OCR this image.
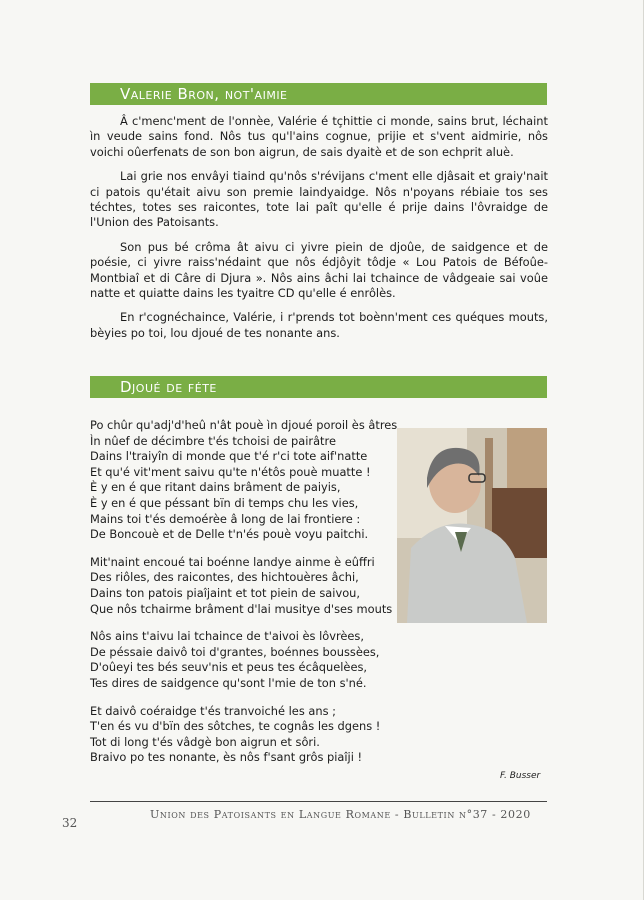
Valerie Bron, not'aimie

Â c'menc'ment de l'onnèe, Valérie é tçhittie ci monde, sains brut, léchaint ìn veude sains fond. Nôs tus qu'l'ains cognue, prijie et s'vent aidmirie, nôs voichi oûerfenats de son bon aigrun, de sais dyaitè et de son echprit aluè.

Lai grie nos envâyi tiaind qu'nôs s'révijans c'ment elle djâsait et graiy'nait ci patois qu'était aivu son premie laindyaidge. Nôs n'poyans rébiaie tos ses téchtes, totes ses raicontes, tote lai paît qu'elle é prije dains l'ôvraidge de l'Union des Patoisants.

Son pus bé crôma ât aivu ci yivre piein de djoûe, de saidgence et de poésie, ci yivre raiss'nédaint que nôs édjôyit tôdje « Lou Patois de Béfoûe-Montbiaî et di Câre di Djura ». Nôs ains âchi lai tchaince de vâdgeaie sai voûe natte et quiatte dains les tyaitre CD qu'elle é enrôlès.

En r'cognéchaince, Valérie, i r'prends tot boènn'ment ces quéques mouts, bèyies po toi, lou djoué de tes nonante ans.

Djoué de féte
Po chûr qu'adj'd'heû n'ât pouè ìn djoué poroil ès âtres
Ìn nûef de décimbre t'és tchoisi de pairâtre
Dains l'traiyîn di monde que t'é r'ci tote aif'natte
Et qu'é vit'ment saivu qu'te n'étôs pouè muatte !
È y en é que ritant dains brâment de paiyis,
È y en é que péssant bïn di temps chu les vies,
Mains toi t'és demoérèe â long de lai frontiere :
De Boncouè et de Delle t'n'és pouè voyu paitchi.
Mit'naint encoué tai boénne landye ainme è eûffri
Des riôles, des raicontes, des hichtouères âchi,
Dains ton patois piaîjaint et tot piein de saivou,
Que nôs tchairme brâment d'lai musitye d'ses mouts
Nôs ains t'aivu lai tchaince de t'aivoi ès lôvrèes,
De péssaie daivô toi d'grantes, boénnes boussèes,
D'oûeyi tes bés seuv'nis et peus tes écâquelèes,
Tes dires de saidgence qu'sont l'mie de ton s'né.
Et daivô coéraidge t'és tranvoiché les ans ;
T'en és vu d'bïn des sôtches, te cognâs les dgens !
Tot di long t'és vâdgè bon aigrun et sôri.
Braivo po tes nonante, ès nôs f'sant grôs piaîji !
F. Busser
32
Union des Patoisants en Langue Romane - Bulletin n°37 - 2020
